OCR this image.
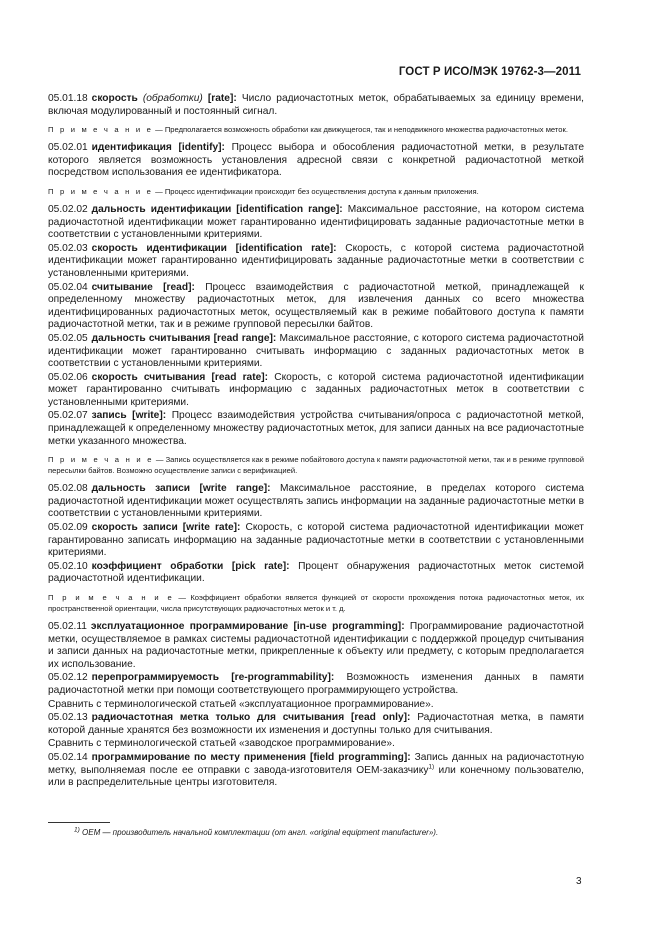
ГОСТ Р ИСО/МЭК 19762-3—2011

05.01.18 скорость (обработки) [rate]: Число радиочастотных меток, обрабатываемых за единицу времени, включая модулированный и постоянный сигнал.

П р и м е ч а н и е — Предполагается возможность обработки как движущегося, так и неподвижного множества радиочастотных меток.

05.02.01 идентификация [identify]: Процесс выбора и обособления радиочастотной метки, в результате которого является возможность установления адресной связи с конкретной радиочастотной меткой посредством использования ее идентификатора.

П р и м е ч а н и е — Процесс идентификации происходит без осуществления доступа к данным приложения.

05.02.02 дальность идентификации [identification range]: Максимальное расстояние, на котором система радиочастотной идентификации может гарантированно идентифицировать заданные радиочастотные метки в соответствии с установленными критериями.

05.02.03 скорость идентификации [identification rate]: Скорость, с которой система радиочастотной идентификации может гарантированно идентифицировать заданные радиочастотные метки в соответствии с установленными критериями.

05.02.04 считывание [read]: Процесс взаимодействия с радиочастотной меткой, принадлежащей к определенному множеству радиочастотных меток, для извлечения данных со всего множества идентифицированных радиочастотных меток, осуществляемый как в режиме побайтового доступа к памяти радиочастотной метки, так и в режиме групповой пересылки байтов.

05.02.05 дальность считывания [read range]: Максимальное расстояние, с которого система радиочастотной идентификации может гарантированно считывать информацию с заданных радиочастотных меток в соответствии с установленными критериями.

05.02.06 скорость считывания [read rate]: Скорость, с которой система радиочастотной идентификации может гарантированно считывать информацию с заданных радиочастотных меток в соответствии с установленными критериями.

05.02.07 запись [write]: Процесс взаимодействия устройства считывания/опроса с радиочастотной меткой, принадлежащей к определенному множеству радиочастотных меток, для записи данных на все радиочастотные метки указанного множества.

П р и м е ч а н и е — Запись осуществляется как в режиме побайтового доступа к памяти радиочастотной метки, так и в режиме групповой пересылки байтов. Возможно осуществление записи с верификацией.

05.02.08 дальность записи [write range]: Максимальное расстояние, в пределах которого система радиочастотной идентификации может осуществлять запись информации на заданные радиочастотные метки в соответствии с установленными критериями.

05.02.09 скорость записи [write rate]: Скорость, с которой система радиочастотной идентификации может гарантированно записать информацию на заданные радиочастотные метки в соответствии с установленными критериями.

05.02.10 коэффициент обработки [pick rate]: Процент обнаружения радиочастотных меток системой радиочастотной идентификации.

П р и м е ч а н и е — Коэффициент обработки является функцией от скорости прохождения потока радиочастотных меток, их пространственной ориентации, числа присутствующих радиочастотных меток и т. д.

05.02.11 эксплуатационное программирование [in-use programming]: Программирование радиочастотной метки, осуществляемое в рамках системы радиочастотной идентификации с поддержкой процедур считывания и записи данных на радиочастотные метки, прикрепленные к объекту или предмету, с которым предполагается их использование.

05.02.12 перепрограммируемость [re-programmability]: Возможность изменения данных в памяти радиочастотной метки при помощи соответствующего программирующего устройства.

Сравнить с терминологической статьей «эксплуатационное программирование».

05.02.13 радиочастотная метка только для считывания [read only]: Радиочастотная метка, в памяти которой данные хранятся без возможности их изменения и доступны только для считывания.

Сравнить с терминологической статьей «заводское программирование».

05.02.14 программирование по месту применения [field programming]: Запись данных на радиочастотную метку, выполняемая после ее отправки с завода-изготовителя OEM-заказчику$^{1)}$ или конечному пользователю, или в распределительные центры изготовителя.

$^{1)}$ OEM — производитель начальной комплектации (от англ. «original equipment manufacturer»).
3
